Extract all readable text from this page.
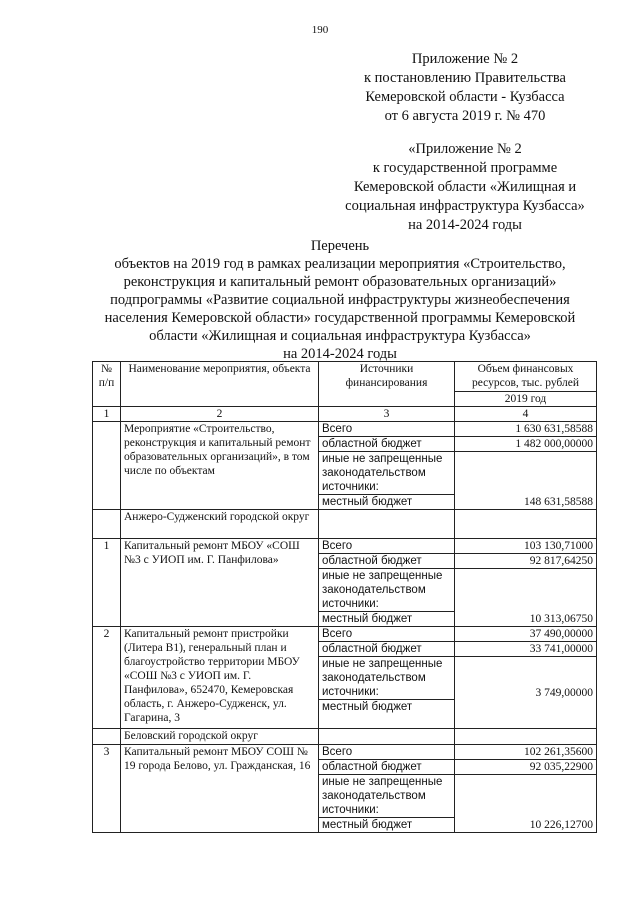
190
Приложение № 2
к постановлению Правительства
Кемеровской области - Кузбасса
от 6 августа 2019 г. № 470
«Приложение № 2
к государственной программе
Кемеровской области «Жилищная и
социальная инфраструктура Кузбасса»
на 2014-2024 годы
Перечень
объектов на 2019 год в рамках реализации мероприятия «Строительство,
реконструкция и капитальный ремонт образовательных организаций»
подпрограммы «Развитие социальной инфраструктуры жизнеобеспечения
населения Кемеровской области» государственной программы Кемеровской
области «Жилищная и социальная инфраструктура Кузбасса»
на 2014-2024 годы
№ п/п	Наименование мероприятия, объекта	Источники финансирования	Объем финансовых ресурсов, тыс. рублей
			2019 год
1	2	3	4
	Мероприятие «Строительство, реконструкция и капитальный ремонт образовательных организаций», в том числе по объектам	Всего	1 630 631,58588
		областной бюджет	1 482 000,00000
		иные не запрещенные законодательством источники:	148 631,58588
		местный бюджет	
	Анжеро-Судженский городской округ		
1	Капитальный ремонт МБОУ «СОШ №3 с УИОП им. Г. Панфилова»	Всего	103 130,71000
		областной бюджет	92 817,64250
		иные не запрещенные законодательством источники:	10 313,06750
		местный бюджет	
2	Капитальный ремонт пристройки (Литера В1), генеральный план и благоустройство территории МБОУ «СОШ №3 с УИОП им. Г. Панфилова», 652470, Кемеровская область, г. Анжеро-Судженск, ул. Гагарина, 3	Всего	37 490,00000
		областной бюджет	33 741,00000
		иные не запрещенные законодательством источники:	3 749,00000
		местный бюджет	
	Беловский городской округ		
3	Капитальный ремонт МБОУ СОШ № 19 города Белово, ул. Гражданская, 16	Всего	102 261,35600
		областной бюджет	92 035,22900
		иные не запрещенные законодательством источники:	10 226,12700
		местный бюджет	
